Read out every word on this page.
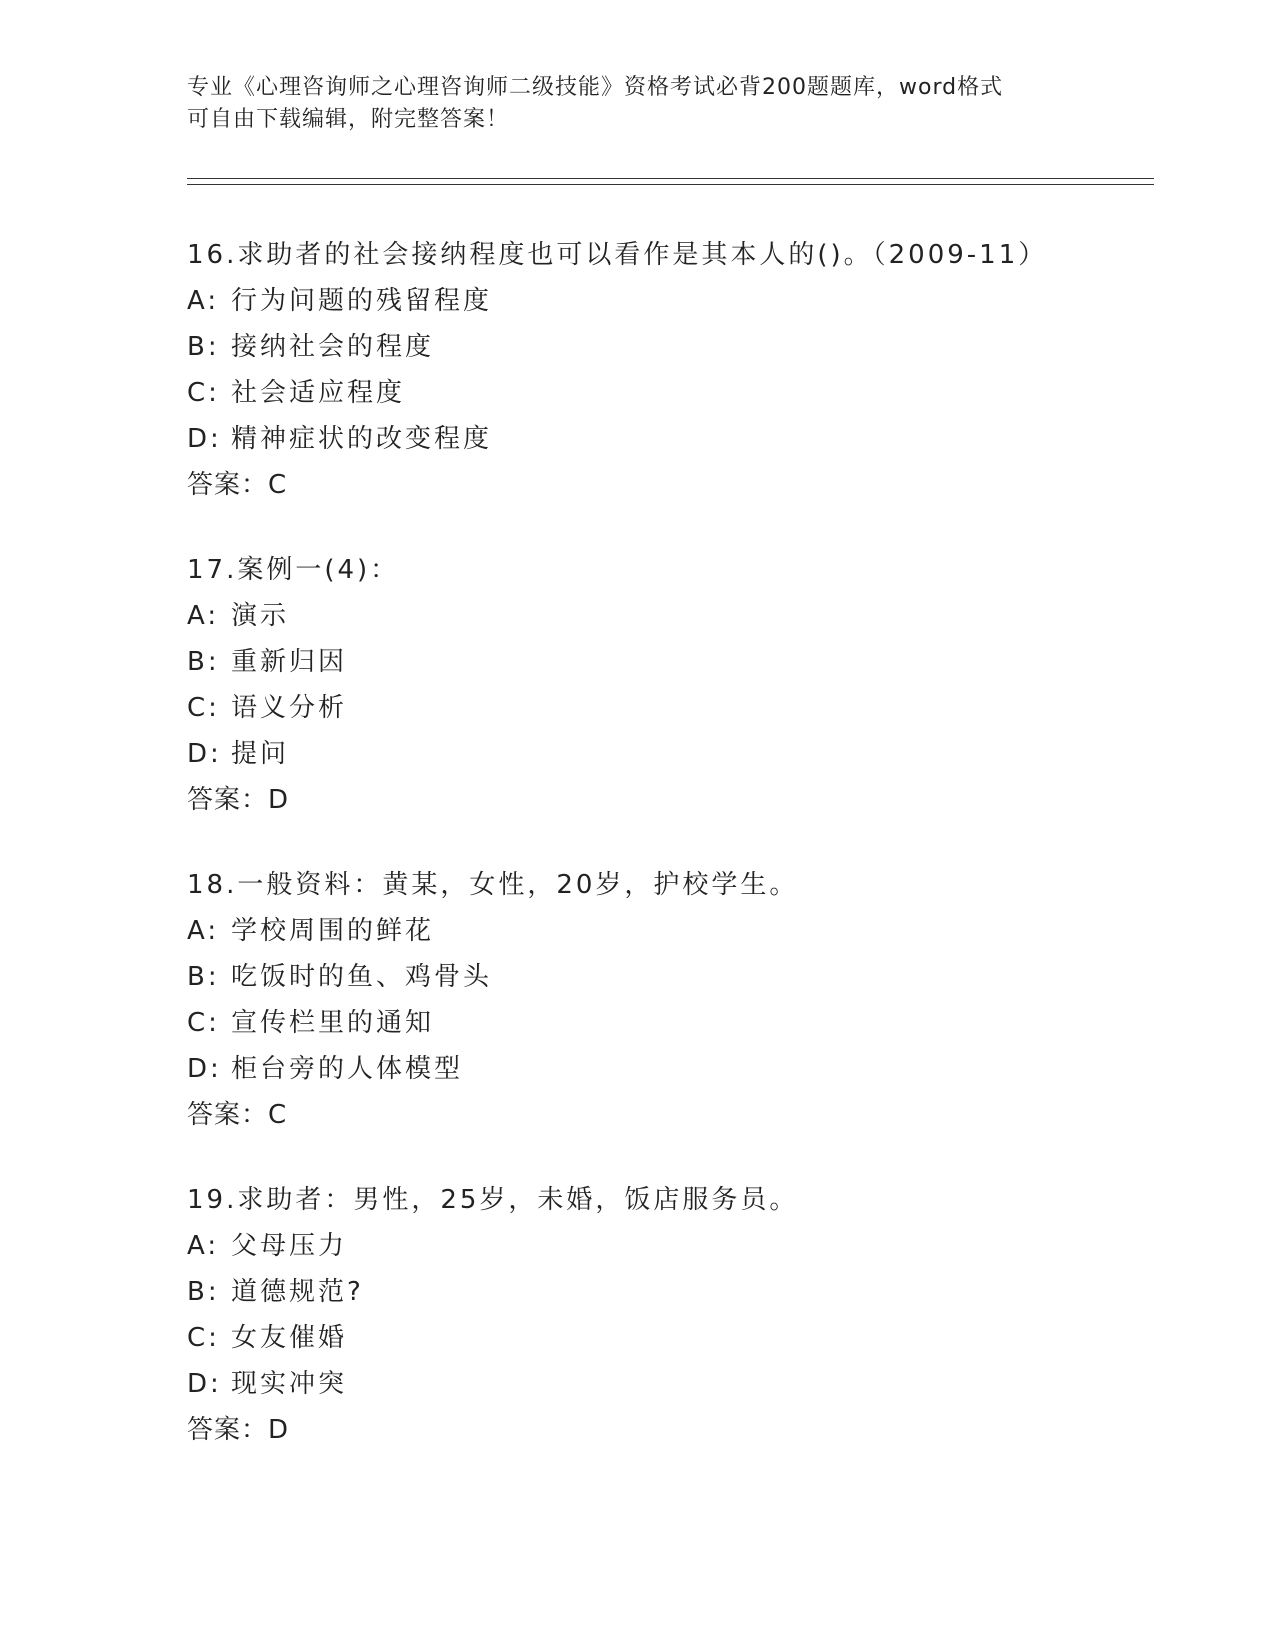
专业《心理咨询师之心理咨询师二级技能》资格考试必背200题题库，word格式
可自由下载编辑，附完整答案！
16.求助者的社会接纳程度也可以看作是其本人的()。（2009-11）
A: 行为问题的残留程度
B: 接纳社会的程度
C: 社会适应程度
D: 精神症状的改变程度
答案：C
17.案例一(4)：
A: 演示
B: 重新归因
C: 语义分析
D: 提问
答案：D
18.一般资料：黄某，女性，20岁，护校学生。
A: 学校周围的鲜花
B: 吃饭时的鱼、鸡骨头
C: 宣传栏里的通知
D: 柜台旁的人体模型
答案：C
19.求助者：男性，25岁，未婚，饭店服务员。
A: 父母压力
B: 道德规范?
C: 女友催婚
D: 现实冲突
答案：D
